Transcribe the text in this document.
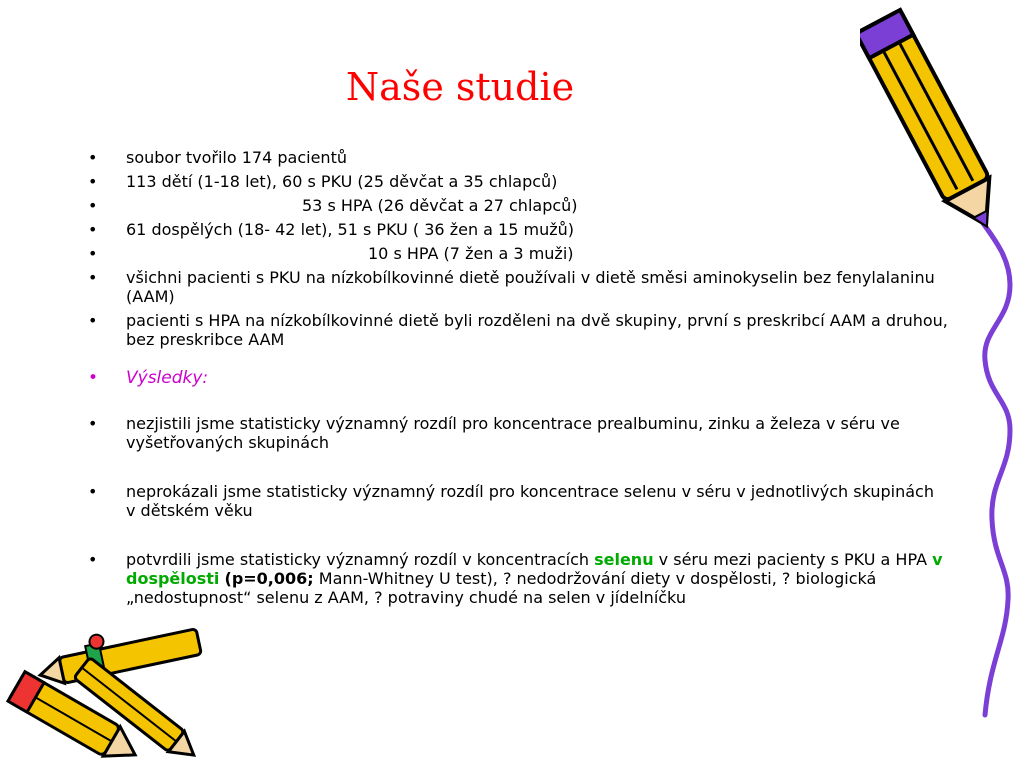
Naše studie
• soubor tvořilo 174 pacientů
• 113 dětí (1-18 let), 60 s PKU (25 děvčat a 35 chlapců)
• 53 s HPA (26 děvčat a 27 chlapců)
• 61 dospělých (18- 42 let), 51 s PKU ( 36 žen a 15 mužů)
• 10 s HPA (7 žen a 3 muži)
• všichni pacienti s PKU na nízkobílkovinné dietě používali v dietě směsi aminokyselin bez fenylalaninu (AAM)
• pacienti s HPA na nízkobílkovinné dietě byli rozděleni na dvě skupiny, první s preskribcí AAM a druhou, bez preskribce AAM
• Výsledky:
• nezjistili jsme statisticky významný rozdíl pro koncentrace prealbuminu, zinku a železa v séru ve vyšetřovaných skupinách
• neprokázali jsme statisticky významný rozdíl pro koncentrace selenu v séru v jednotlivých skupinách v dětském věku
• potvrdili jsme statisticky významný rozdíl v koncentracích selenu v séru mezi pacienty s PKU a HPA v dospělosti (p=0,006; Mann-Whitney U test), ? nedodržování diety v dospělosti, ? biologická „nedostupnost“ selenu z AAM, ? potraviny chudé na selen v jídelníčku
